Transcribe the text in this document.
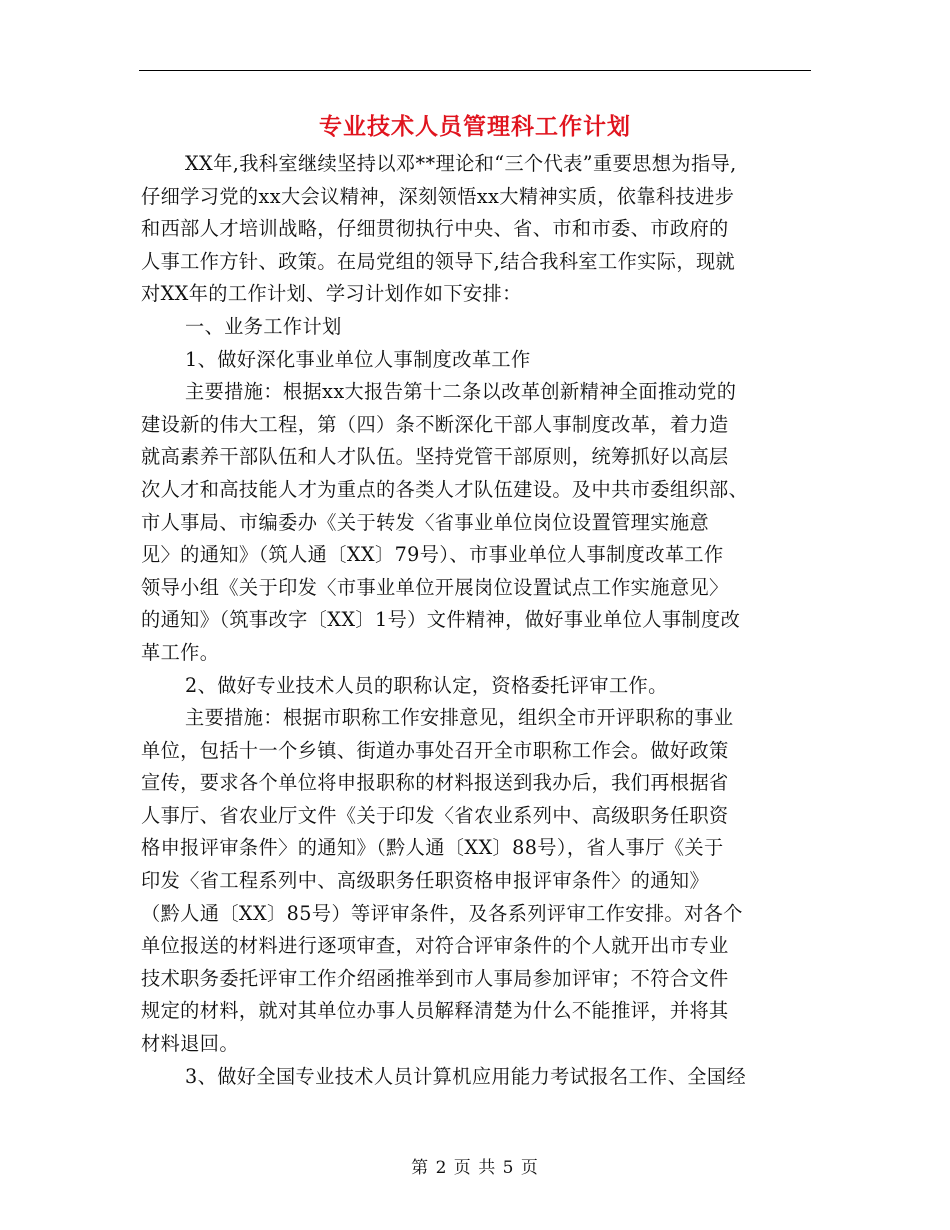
专业技术人员管理科工作计划
XX年,我科室继续坚持以邓**理论和“三个代表”重要思想为指导,
仔细学习党的xx大会议精神，深刻领悟xx大精神实质，依靠科技进步
和西部人才培训战略，仔细贯彻执行中央、省、市和市委、市政府的
人事工作方针、政策。在局党组的领导下,结合我科室工作实际，现就
对XX年的工作计划、学习计划作如下安排：
一、业务工作计划
1、做好深化事业单位人事制度改革工作
主要措施：根据xx大报告第十二条以改革创新精神全面推动党的
建设新的伟大工程，第（四）条不断深化干部人事制度改革，着力造
就高素养干部队伍和人才队伍。坚持党管干部原则，统筹抓好以高层
次人才和高技能人才为重点的各类人才队伍建设。及中共市委组织部、
市人事局、市编委办《关于转发〈省事业单位岗位设置管理实施意
见〉的通知》（筑人通〔XX〕79号）、市事业单位人事制度改革工作
领导小组《关于印发〈市事业单位开展岗位设置试点工作实施意见〉
的通知》（筑事改字〔XX〕1号）文件精神，做好事业单位人事制度改
革工作。
2、做好专业技术人员的职称认定，资格委托评审工作。
主要措施：根据市职称工作安排意见，组织全市开评职称的事业
单位，包括十一个乡镇、街道办事处召开全市职称工作会。做好政策
宣传，要求各个单位将申报职称的材料报送到我办后，我们再根据省
人事厅、省农业厅文件《关于印发〈省农业系列中、高级职务任职资
格申报评审条件〉的通知》（黔人通〔XX〕88号），省人事厅《关于
印发〈省工程系列中、高级职务任职资格申报评审条件〉的通知》
（黔人通〔XX〕85号）等评审条件，及各系列评审工作安排。对各个
单位报送的材料进行逐项审查，对符合评审条件的个人就开出市专业
技术职务委托评审工作介绍函推举到市人事局参加评审；不符合文件
规定的材料，就对其单位办事人员解释清楚为什么不能推评，并将其
材料退回。
3、做好全国专业技术人员计算机应用能力考试报名工作、全国经
第 2 页 共 5 页
